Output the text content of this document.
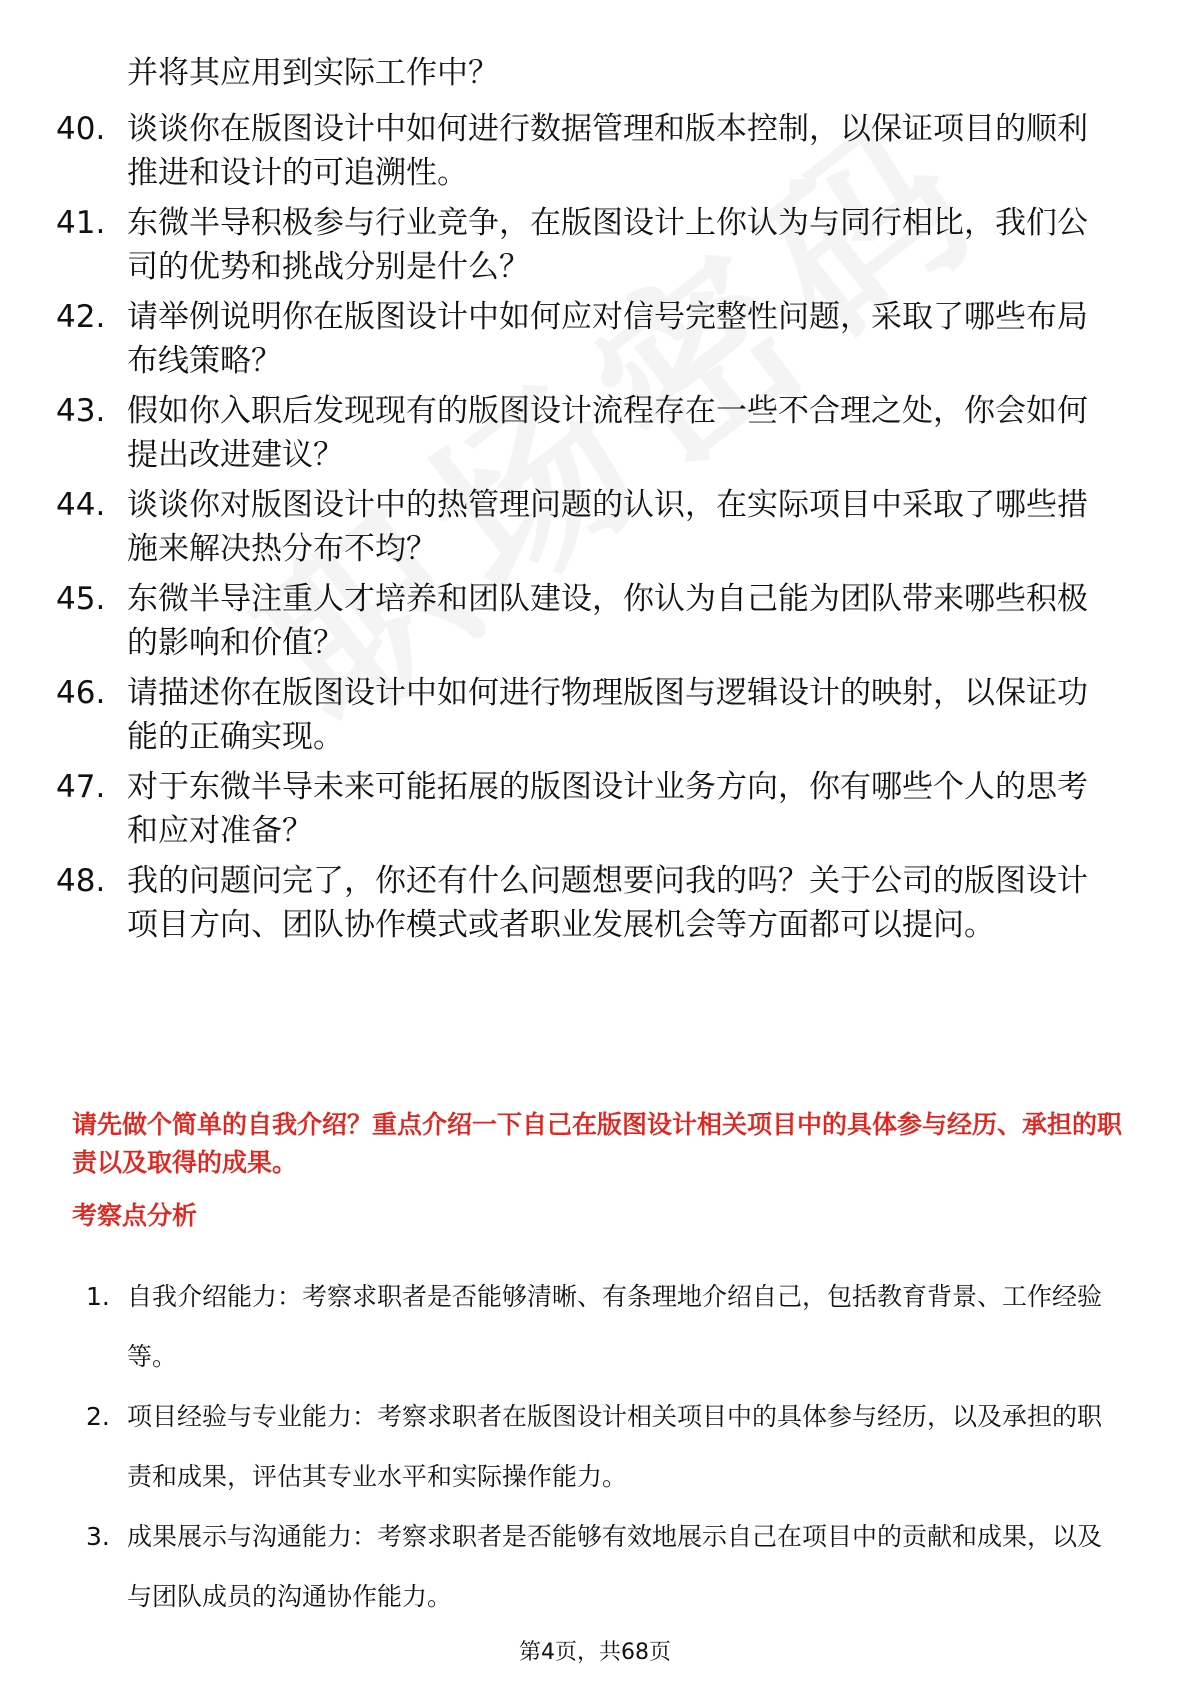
并将其应用到实际工作中？
40. 谈谈你在版图设计中如何进行数据管理和版本控制，以保证项目的顺利推进和设计的可追溯性。
41. 东微半导积极参与行业竞争，在版图设计上你认为与同行相比，我们公司的优势和挑战分别是什么？
42. 请举例说明你在版图设计中如何应对信号完整性问题，采取了哪些布局布线策略？
43. 假如你入职后发现现有的版图设计流程存在一些不合理之处，你会如何提出改进建议？
44. 谈谈你对版图设计中的热管理问题的认识，在实际项目中采取了哪些措施来解决热分布不均？
45. 东微半导注重人才培养和团队建设，你认为自己能为团队带来哪些积极的影响和价值？
46. 请描述你在版图设计中如何进行物理版图与逻辑设计的映射，以保证功能的正确实现。
47. 对于东微半导未来可能拓展的版图设计业务方向，你有哪些个人的思考和应对准备？
48. 我的问题问完了，你还有什么问题想要问我的吗？关于公司的版图设计项目方向、团队协作模式或者职业发展机会等方面都可以提问。
请先做个简单的自我介绍？重点介绍一下自己在版图设计相关项目中的具体参与经历、承担的职责以及取得的成果。
考察点分析
1. 自我介绍能力：考察求职者是否能够清晰、有条理地介绍自己，包括教育背景、工作经验等。
2. 项目经验与专业能力：考察求职者在版图设计相关项目中的具体参与经历，以及承担的职责和成果，评估其专业水平和实际操作能力。
3. 成果展示与沟通能力：考察求职者是否能够有效地展示自己在项目中的贡献和成果，以及与团队成员的沟通协作能力。
第4页，共68页
